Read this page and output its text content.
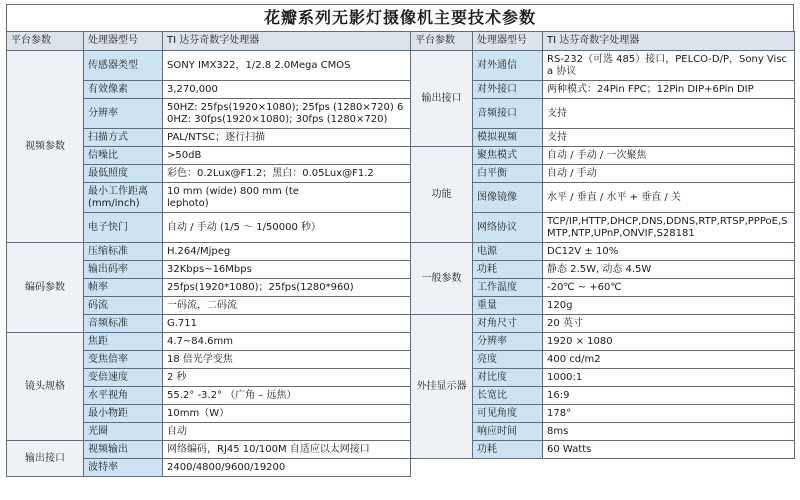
花瓣系列无影灯摄像机主要技术参数
平台参数	处理器型号	TI 达芬奇数字处理器	平台参数	处理器型号	TI 达芬奇数字处理器
视频参数	传感器类型	SONY IMX322，1/2.8 2.0Mega CMOS	输出接口	对外通信	RS-232（可选 485）接口，PELCO-D/P，Sony Visca 协议
	有效像素	3,270,000		对外接口	两种模式：24Pin FPC；12Pin DIP+6Pin DIP
	分辨率	50HZ: 25fps(1920×1080); 25fps (1280×720) 60HZ: 30fps(1920×1080); 30fps (1280×720)		音频接口	支持
	扫描方式	PAL/NTSC；逐行扫描		模拟视频	支持
	信噪比	>50dB	功能	聚焦模式	自动 / 手动 / 一次聚焦
	最低照度	彩色：0.2Lux@F1.2；黑白：0.05Lux@F1.2		白平衡	自动 / 手动
	最小工作距离 (mm/inch)	10 mm (wide) 800 mm (telephoto)		图像镜像	水平 / 垂直 / 水平 + 垂直 / 关
	电子快门	自动 / 手动 (1/5 ～ 1/50000 秒）		网络协议	TCP/IP,HTTP,DHCP,DNS,DDNS,RTP,RTSP,PPPoE,SMTP,NTP,UPnP,ONVIF,S28181
编码参数	压缩标准	H.264/Mjpeg	一般参数	电源	DC12V ± 10%
	输出码率	32Kbps~16Mbps		功耗	静态 2.5W, 动态 4.5W
	帧率	25fps(1920*1080)；25fps(1280*960)		工作温度	-20℃ ~ +60℃
	码流	一码流，二码流		重量	120g
	音频标准	G.711	外挂显示器	对角尺寸	20 英寸
镜头规格	焦距	4.7~84.6mm		分辨率	1920 × 1080
	变焦倍率	18 倍光学变焦		亮度	400 cd/m2
	变倍速度	2 秒		对比度	1000:1
	水平视角	55.2° -3.2° （广角 – 远焦）		长宽比	16:9
	最小物距	10mm（W）		可见角度	178°
	光圈	自动		响应时间	8ms
输出接口	视频输出	网络编码，RJ45 10/100M 自适应以太网接口		功耗	60 Watts
	波特率	2400/4800/9600/19200			
